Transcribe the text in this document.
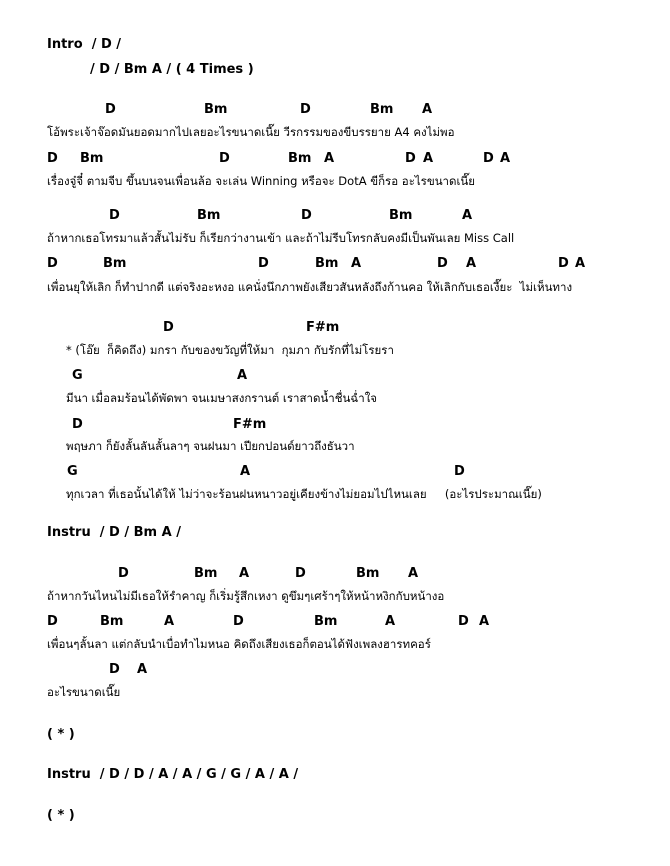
Intro  / D /
/ D / Bm A / ( 4 Times )
D	Bm	D	Bm A
โอ้พระเจ้าจ๊อดมันยอดมากไปเลยอะไรขนาดเนี๊ย วีรกรรมของขีบรรยาย A4 คงไม่พอ
D Bm	D	Bm A	D A	D A
เรื่องจู๋จี๋ ตามจีบ ขึ้นบนจนเพื่อนล้อ จะเล่น Winning หรือจะ DotA ขีก็รอ อะไรขนาดเนี๊ย
D	Bm	D	Bm	A
ถ้าหากเธอโทรมาแล้วสั้นไม่รับ ก็เรียกว่างานเข้า และถ้าไม่รีบโทรกลับคงมีเป็นพันเลย Miss Call
D	Bm	D	Bm A	D A	D A
เพื่อนยุให้เลิก ก็ทำปากดี แต่จริงอะหงอ แคนั่งนึกภาพยังเสียวสันหลังถึงก้านคอ ให้เลิกกับเธอเงี๊ยะ  ไม่เห็นทาง
D	F#m
* (โอ๊ย  ก็คิดถึง) มกรา กับของขวัญที่ให้มา  กุมภา กับรักที่ไม่โรยรา
G	A
มีนา เมื่อลมร้อนได้พัดพา จนเมษาสงกรานต์ เราสาดน้ำชื่นฉ่ำใจ
D	F#m
พฤษภา ก็ยังลั้นลันลั้นลาๆ จนฝนมา เปียกปอนด์ยาวถึงธันวา
G	A	D
ทุกเวลา ที่เธอนั้นได้ให้ ไม่ว่าจะร้อนฝนหนาวอยู่เคียงข้างไม่ยอมไปไหนเลย     (อะไรประมาณเนี๊ย)
Instru  / D / Bm A /
D	Bm A	D	Bm A
ถ้าหากวันไหนไม่มีเธอให้รำคาญ ก็เริ่มรู้สึกเหงา ดูขึมๆเศร้าๆให้หน้าหงิกกับหน้างอ
D	Bm	A	D	Bm	A	D A
เพื่อนๆลั้นลา แต่กลับนำเบื่อทำไมหนอ คิดถึงเสียงเธอก็ตอนได้ฟังเพลงฮารทคอร์
D A
อะไรขนาดเนี๊ย
( * )
Instru  / D / D / A / A / G / G / A / A /
( * )
